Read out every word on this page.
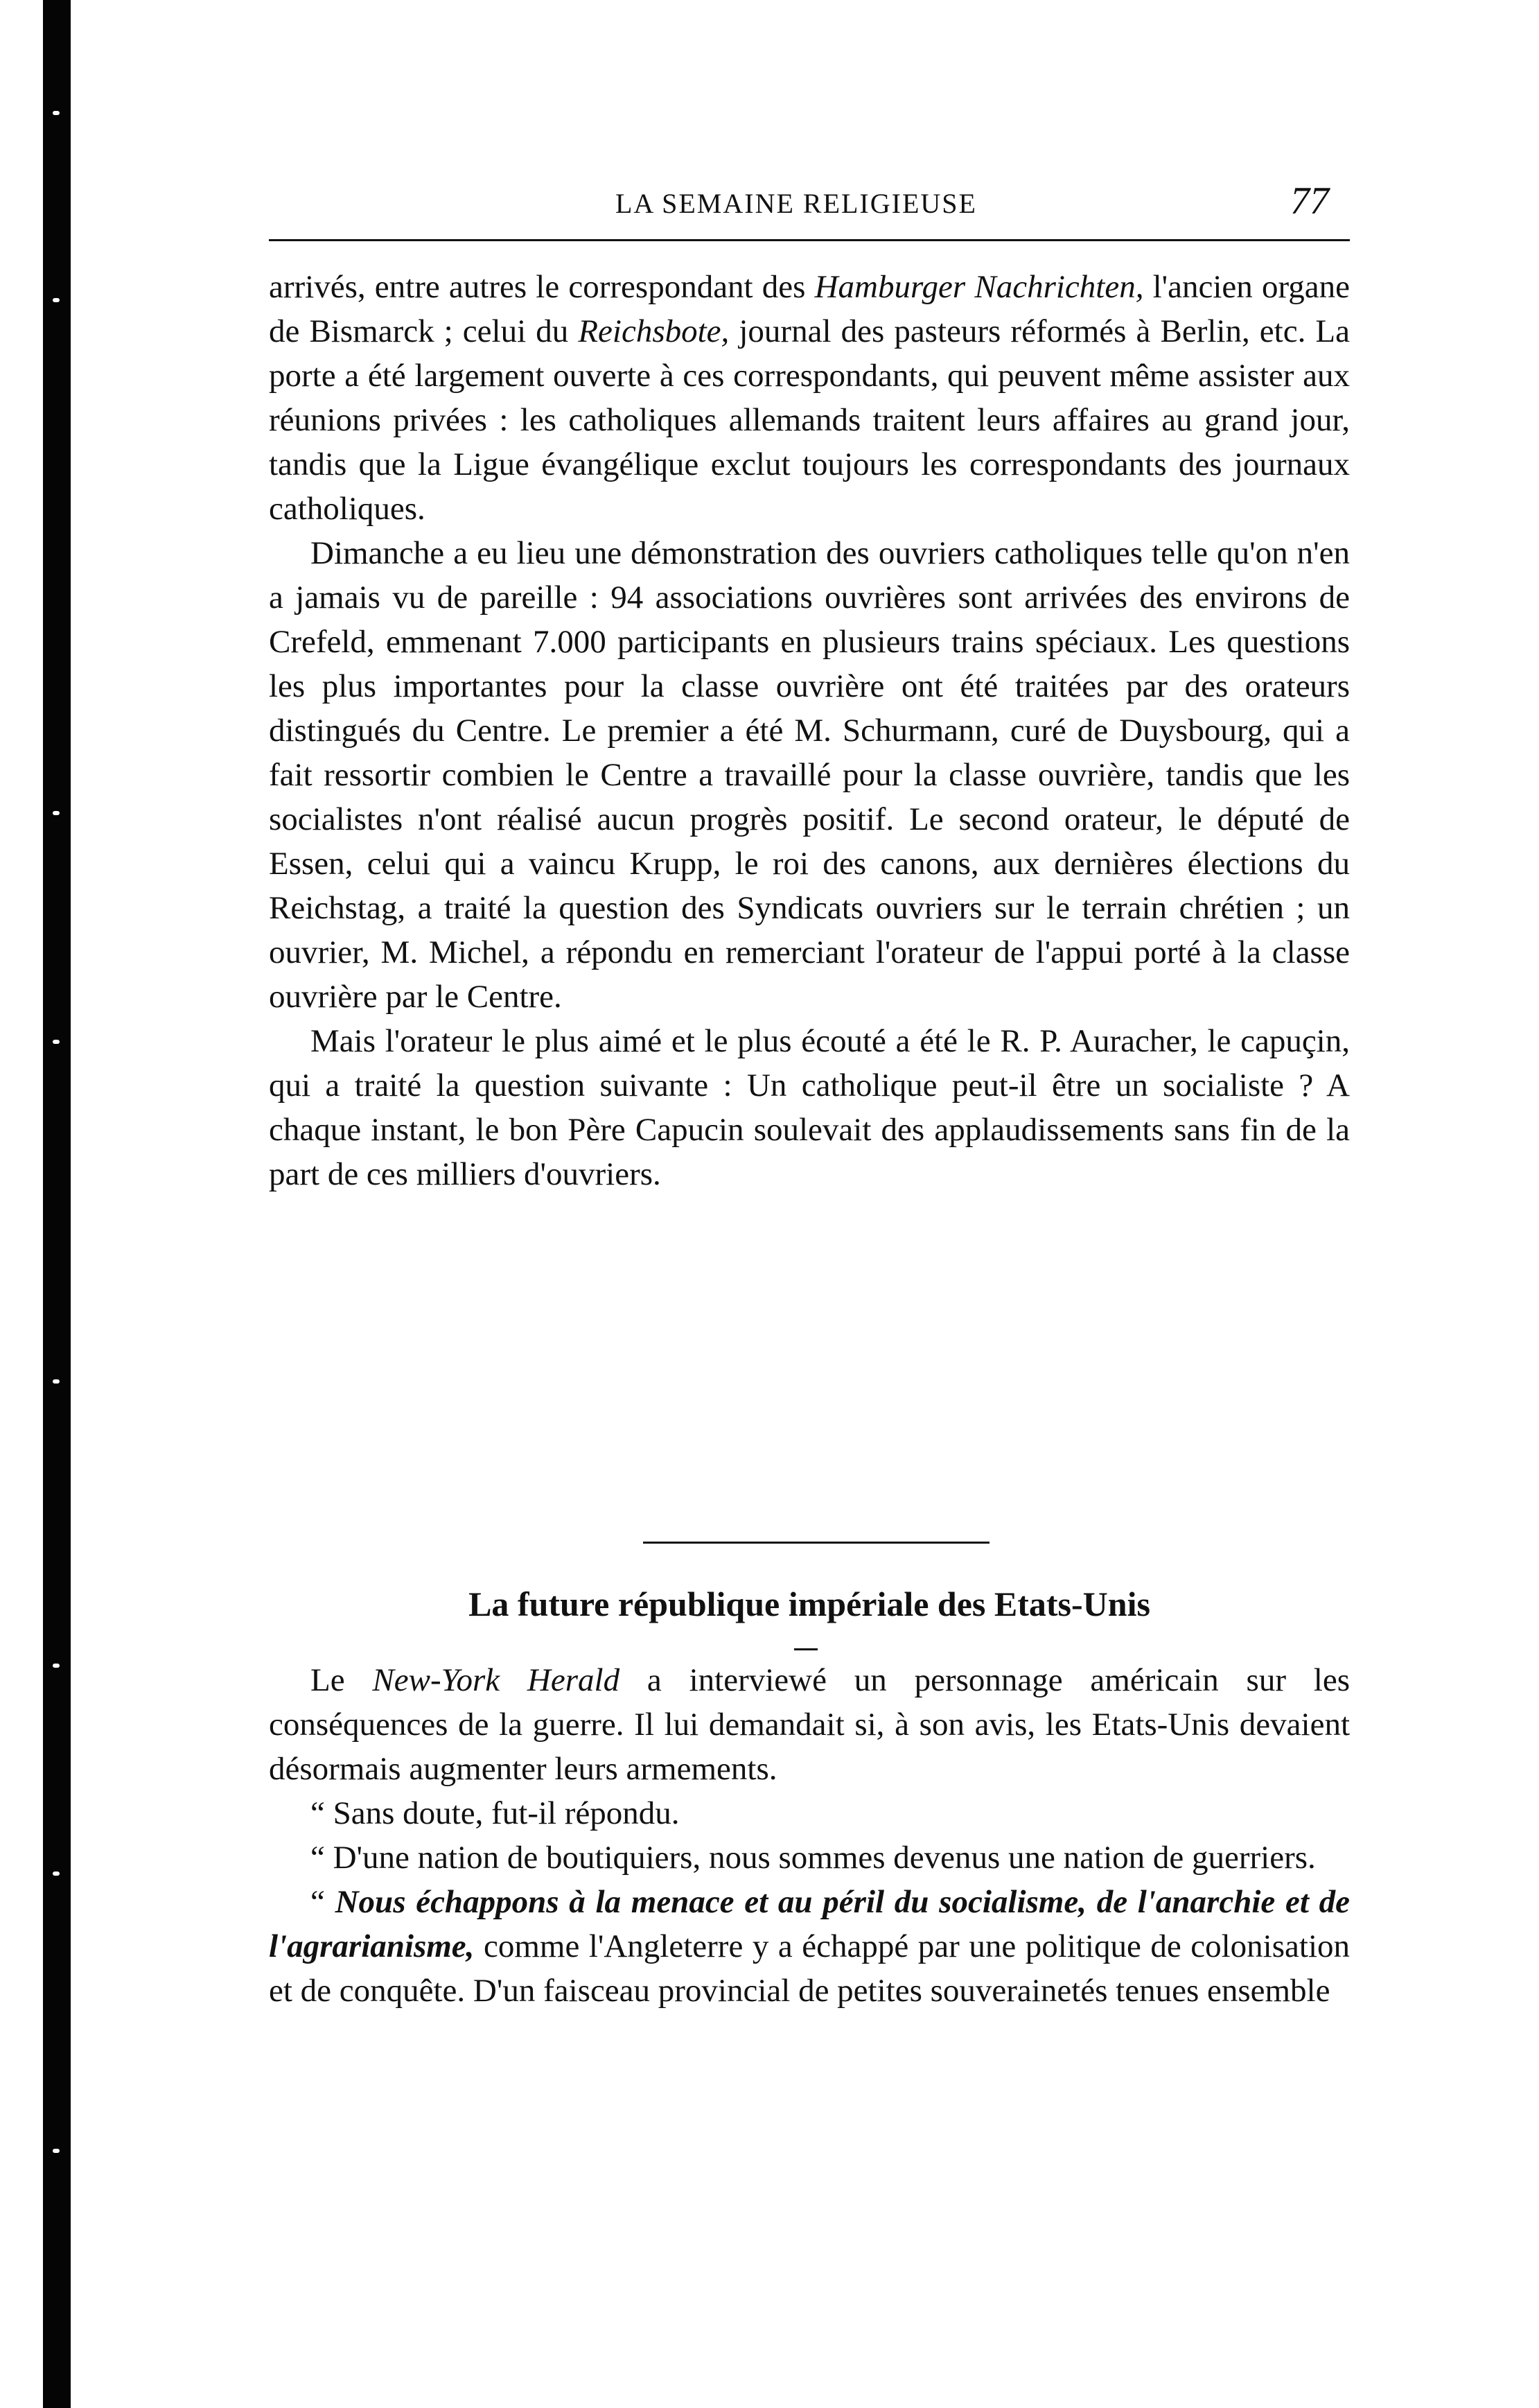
LA SEMAINE RELIGIEUSE	77

arrivés, entre autres le correspondant des Hamburger Nachrichten, l'ancien organe de Bismarck ; celui du Reichsbote, journal des pasteurs réformés à Berlin, etc. La porte a été largement ouverte à ces correspondants, qui peuvent même assister aux réunions privées : les catholiques allemands traitent leurs affaires au grand jour, tandis que la Ligue évangélique exclut toujours les correspondants des journaux catholiques.

Dimanche a eu lieu une démonstration des ouvriers catholiques telle qu'on n'en a jamais vu de pareille : 94 associations ouvrières sont arrivées des environs de Crefeld, emmenant 7.000 participants en plusieurs trains spéciaux. Les questions les plus importantes pour la classe ouvrière ont été traitées par des orateurs distingués du Centre. Le premier a été M. Schurmann, curé de Duysbourg, qui a fait ressortir combien le Centre a travaillé pour la classe ouvrière, tandis que les socialistes n'ont réalisé aucun progrès positif. Le second orateur, le député de Essen, celui qui a vaincu Krupp, le roi des canons, aux dernières élections du Reichstag, a traité la question des Syndicats ouvriers sur le terrain chrétien ; un ouvrier, M. Michel, a répondu en remerciant l'orateur de l'appui porté à la classe ouvrière par le Centre.

Mais l'orateur le plus aimé et le plus écouté a été le R. P. Auracher, le capuçin, qui a traité la question suivante : Un catholique peut-il être un socialiste ? A chaque instant, le bon Père Capucin soulevait des applaudissements sans fin de la part de ces milliers d'ouvriers.

La future république impériale des Etats-Unis

Le New-York Herald a interviewé un personnage américain sur les conséquences de la guerre. Il lui demandait si, à son avis, les Etats-Unis devaient désormais augmenter leurs armements.

“ Sans doute, fut-il répondu.

“ D'une nation de boutiquiers, nous sommes devenus une nation de guerriers.

“ Nous échappons à la menace et au péril du socialisme, de l'anarchie et de l'agrarianisme, comme l'Angleterre y a échappé par une politique de colonisation et de conquête. D'un faisceau provincial de petites souverainetés tenues ensemble
